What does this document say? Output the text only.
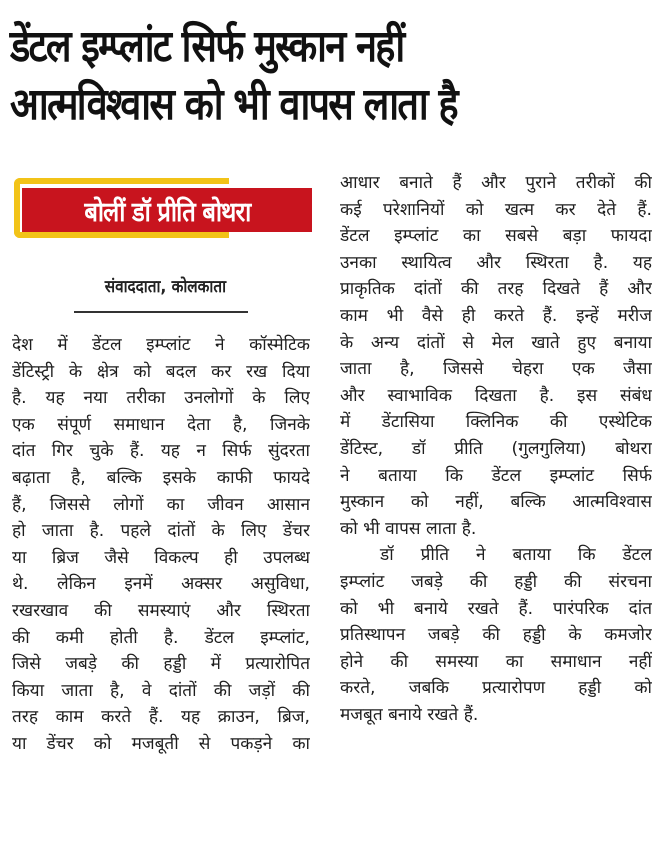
डेंटल इम्प्लांट सिर्फ मुस्कान नहीं
आत्मविश्वास को भी वापस लाता है
बोलीं डॉ प्रीति बोथरा
संवाददाता, कोलकाता
देश में डेंटल इम्प्लांट ने कॉस्मेटिक
डेंटिस्ट्री के क्षेत्र को बदल कर रख दिया
है. यह नया तरीका उनलोगों के लिए
एक संपूर्ण समाधान देता है, जिनके
दांत गिर चुके हैं. यह न सिर्फ सुंदरता
बढ़ाता है, बल्कि इसके काफी फायदे
हैं, जिससे लोगों का जीवन आसान
हो जाता है. पहले दांतों के लिए डेंचर
या ब्रिज जैसे विकल्प ही उपलब्ध
थे. लेकिन इनमें अक्सर असुविधा,
रखरखाव की समस्याएं और स्थिरता
की कमी होती है. डेंटल इम्प्लांट,
जिसे जबड़े की हड्डी में प्रत्यारोपित
किया जाता है, वे दांतों की जड़ों की
तरह काम करते हैं. यह क्राउन, ब्रिज,
या डेंचर को मजबूती से पकड़ने का
आधार बनाते हैं और पुराने तरीकों की
कई परेशानियों को खत्म कर देते हैं.
डेंटल इम्प्लांट का सबसे बड़ा फायदा
उनका स्थायित्व और स्थिरता है. यह
प्राकृतिक दांतों की तरह दिखते हैं और
काम भी वैसे ही करते हैं. इन्हें मरीज
के अन्य दांतों से मेल खाते हुए बनाया
जाता है, जिससे चेहरा एक जैसा
और स्वाभाविक दिखता है. इस संबंध
में डेंटासिया क्लिनिक की एस्थेटिक
डेंटिस्ट, डॉ प्रीति (गुलगुलिया) बोथरा
ने बताया कि डेंटल इम्प्लांट सिर्फ
मुस्कान को नहीं, बल्कि आत्मविश्वास
को भी वापस लाता है.
डॉ प्रीति ने बताया कि डेंटल
इम्प्लांट जबड़े की हड्डी की संरचना
को भी बनाये रखते हैं. पारंपरिक दांत
प्रतिस्थापन जबड़े की हड्डी के कमजोर
होने की समस्या का समाधान नहीं
करते, जबकि प्रत्यारोपण हड्डी को
मजबूत बनाये रखते हैं.
